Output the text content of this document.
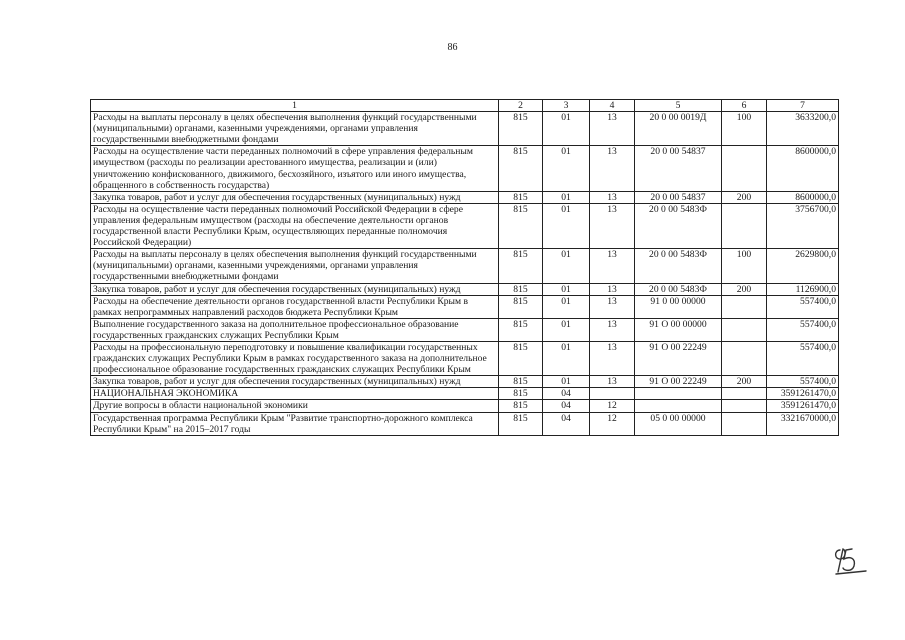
86
1	2	3	4	5	6	7
Расходы на выплаты персоналу в целях обеспечения выполнения функций государственными (муниципальными) органами, казенными учреждениями, органами управления государственными внебюджетными фондами	815	01	13	20 0 00 0019Д	100	3633200,0
Расходы на осуществление части переданных полномочий в сфере управления федеральным имуществом (расходы по реализации арестованного имущества, реализации и (или) уничтожению конфискованного, движимого, бесхозяйного, изъятого или иного имущества, обращенного в собственность государства)	815	01	13	20 0 00 54837		8600000,0
Закупка товаров, работ и услуг для обеспечения государственных (муниципальных) нужд	815	01	13	20 0 00 54837	200	8600000,0
Расходы на осуществление части переданных полномочий Российской Федерации в сфере управления федеральным имуществом (расходы на обеспечение деятельности органов государственной власти Республики Крым, осуществляющих переданные полномочия Российской Федерации)	815	01	13	20 0 00 5483Ф		3756700,0
Расходы на выплаты персоналу в целях обеспечения выполнения функций государственными (муниципальными) органами, казенными учреждениями, органами управления государственными внебюджетными фондами	815	01	13	20 0 00 5483Ф	100	2629800,0
Закупка товаров, работ и услуг для обеспечения государственных (муниципальных) нужд	815	01	13	20 0 00 5483Ф	200	1126900,0
Расходы на обеспечение деятельности органов государственной власти Республики Крым в рамках непрограммных направлений расходов бюджета Республики Крым	815	01	13	91 0 00 00000		557400,0
Выполнение государственного заказа на дополнительное профессиональное образование государственных гражданских служащих Республики Крым	815	01	13	91 О 00 00000		557400,0
Расходы на профессиональную переподготовку и повышение квалификации государственных гражданских служащих Республики Крым в рамках государственного заказа на дополнительное профессиональное образование государственных гражданских служащих Республики Крым	815	01	13	91 О 00 22249		557400,0
Закупка товаров, работ и услуг для обеспечения государственных (муниципальных) нужд	815	01	13	91 О 00 22249	200	557400,0
НАЦИОНАЛЬНАЯ ЭКОНОМИКА	815	04				3591261470,0
Другие вопросы в области национальной экономики	815	04	12			3591261470,0
Государственная программа Республики Крым "Развитие транспортно-дорожного комплекса Республики Крым" на 2015–2017 годы	815	04	12	05 0 00 00000		3321670000,0
